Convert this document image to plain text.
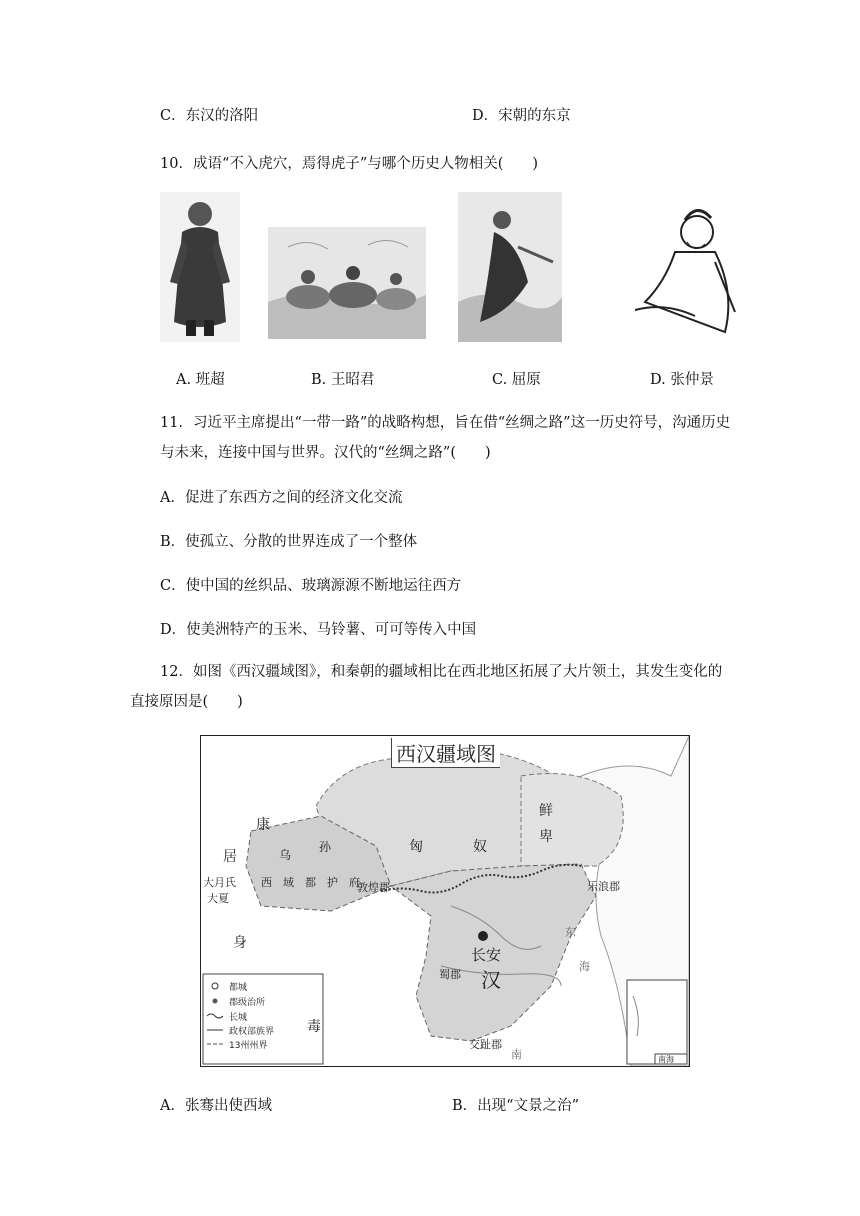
C．东汉的洛阳	D．宋朝的东京
10．成语“不入虎穴，焉得虎子”与哪个历史人物相关(　　)
A. 班超	B. 王昭君	C. 屈原	D. 张仲景
11．习近平主席提出“一带一路”的战略构想，旨在借“丝绸之路”这一历史符号，沟通历史与未来，连接中国与世界。汉代的“丝绸之路”(　　)
A．促进了东西方之间的经济文化交流
B．使孤立、分散的世界连成了一个整体
C．使中国的丝织品、玻璃源源不断地运往西方
D．使美洲特产的玉米、马铃薯、可可等传入中国
12．如图《西汉疆域图》，和秦朝的疆域相比在西北地区拓展了大片领土，其发生变化的直接原因是(　　)
西汉疆域图
康
居
大月氏
大夏
身
毒
乌
孙
西　域　都　护　府
匈	奴
鲜
卑
敦煌郡	乐浪郡
长安
汉
蜀郡
交趾郡
东
海
南	南海
都城
郡级治所
长城
政权部族界
13州州界
A．张骞出使西域	B．出现“文景之治”
